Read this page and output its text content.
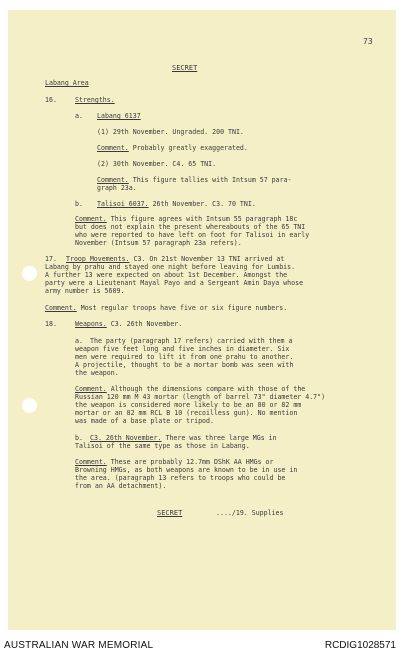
73
SECRET
Labang Area
16.	Strengths.
a. Labang 6137
(1) 29th November. Ungraded. 200 TNI.
Comment. Probably greatly exaggerated.
(2) 30th November. C4. 65 TNI.
Comment. This figure tallies with Intsum 57 para-
graph 23a.
b. Talisoi 6037. 26th November. C3. 70 TNI.
Comment. This figure agrees with Intsum 55 paragraph 18c
but does not explain the present whereabouts of the 65 TNI
who were reported to have left on foot for Talisoi in early
November (Intsum 57 paragraph 23a refers).
17. Troop Movements. C3. On 21st November 13 TNI arrived at
Labang by prahu and stayed one night before leaving for Lumbis.
A further 13 were expected on about 1st December. Amongst the
party were a Lieutenant Mayal Payo and a Sergeant Amin Daya whose
army number is 5609.
Comment. Most regular troops have five or six figure numbers.
18.	Weapons. C3. 26th November.
a. The party (paragraph 17 refers) carried with them a
weapon five feet long and five inches in diameter. Six
men were required to lift it from one prahu to another.
A projectile, thought to be a mortar bomb was seen with
the weapon.
Comment. Although the dimensions compare with those of the
Russian 120 mm M 43 mortar (length of barrel 73" diameter 4.7")
the weapon is considered more likely to be an 80 or 82 mm
mortar or an 82 mm RCL B 10 (recoilless gun). No mention
was made of a base plate or tripod.
b. C3. 26th November. There was three large MGs in
Talisoi of the same type as those in Labang.
Comment. These are probably 12.7mm DShK AA HMGs or
Browning HMGs, as both weapons are known to be in use in
the area. (paragraph 13 refers to troops who could be
from an AA detachment).
SECRET	..../19. Supplies
AUSTRALIAN WAR MEMORIAL	RCDIG1028571
